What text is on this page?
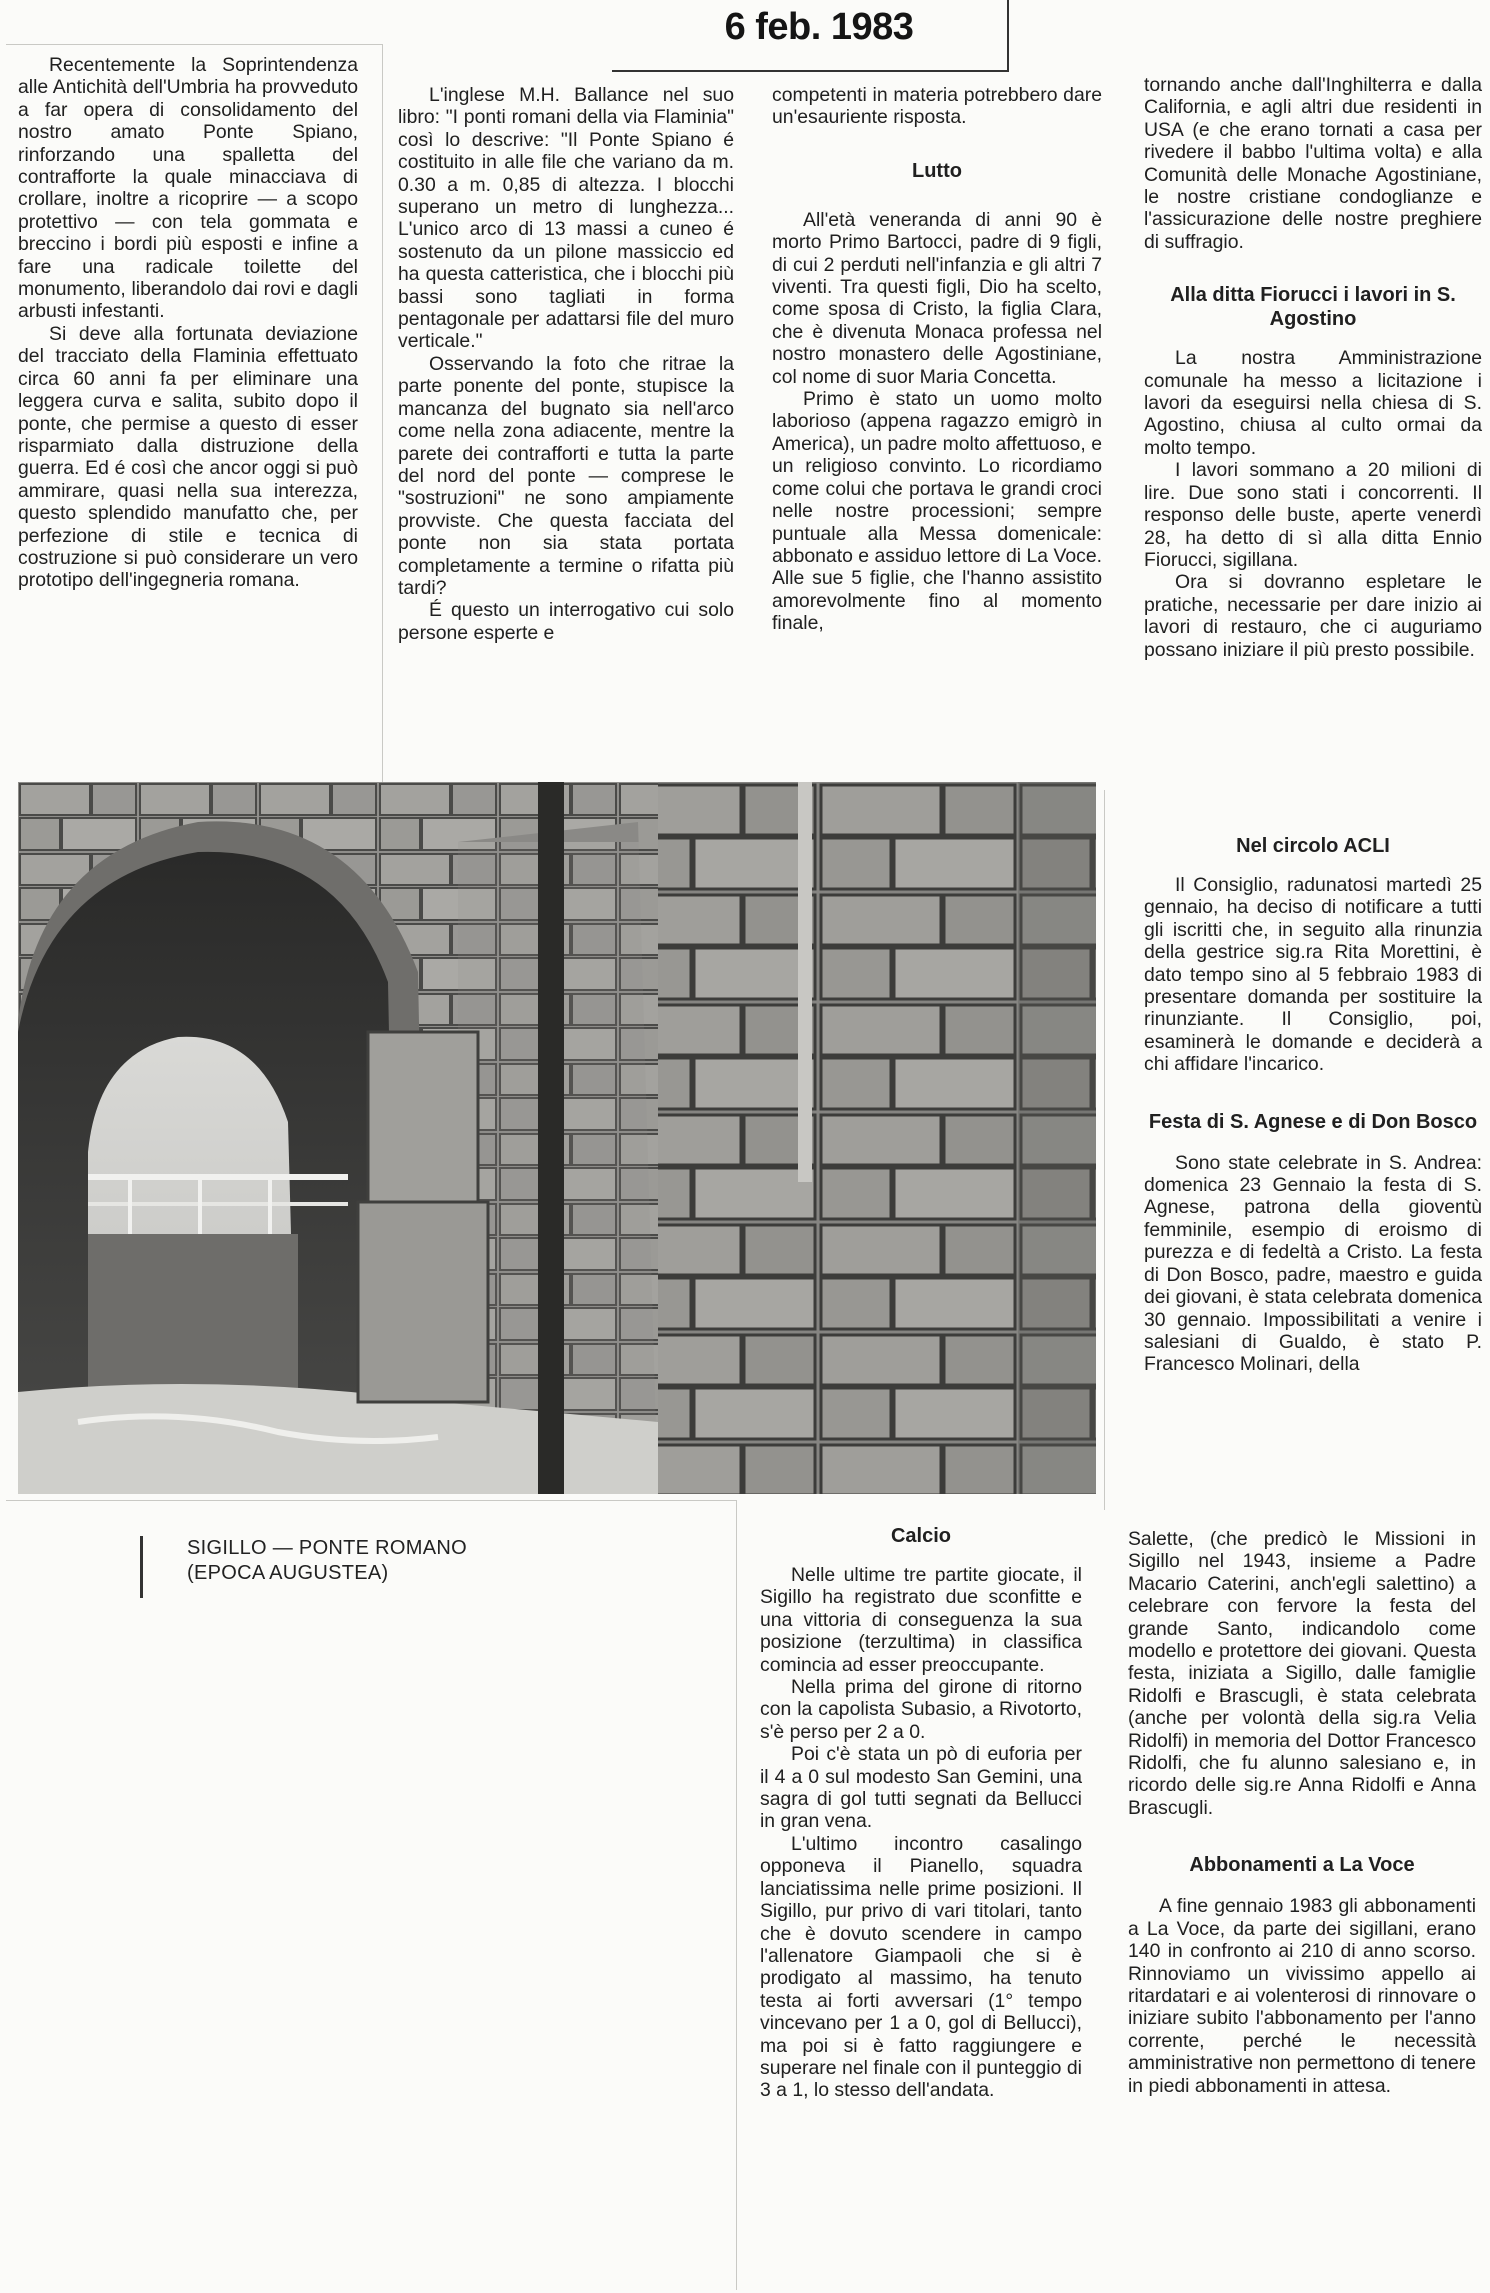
6 feb. 1983

Recentemente la Soprintendenza alle Antichità dell'Umbria ha provveduto a far opera di consolidamento del nostro amato Ponte Spiano, rinforzando una spalletta del contrafforte la quale minacciava di crollare, inoltre a ricoprire — a scopo protettivo — con tela gommata e breccino i bordi più esposti e infine a fare una radicale toilette del monumento, liberandolo dai rovi e dagli arbusti infestanti.

Si deve alla fortunata deviazione del tracciato della Flaminia effettuato circa 60 anni fa per eliminare una leggera curva e salita, subito dopo il ponte, che permise a questo di esser risparmiato dalla distruzione della guerra. Ed é così che ancor oggi si può ammirare, quasi nella sua interezza, questo splendido manufatto che, per perfezione di stile e tecnica di costruzione si può considerare un vero prototipo dell'ingegneria romana.

L'inglese M.H. Ballance nel suo libro: "I ponti romani della via Flaminia" così lo descrive: "Il Ponte Spiano é costituito in alle file che variano da m. 0.30 a m. 0,85 di altezza. I blocchi superano un metro di lunghezza... L'unico arco di 13 massi a cuneo é sostenuto da un pilone massiccio ed ha questa catteristica, che i blocchi più bassi sono tagliati in forma pentagonale per adattarsi file del muro verticale."

Osservando la foto che ritrae la parte ponente del ponte, stupisce la mancanza del bugnato sia nell'arco come nella zona adiacente, mentre la parete dei contrafforti e tutta la parte del nord del ponte — comprese le "sostruzioni" ne sono ampiamente provviste. Che questa facciata del ponte non sia stata portata completamente a termine o rifatta più tardi?

É questo un interrogativo cui solo persone esperte e

competenti in materia potrebbero dare un'esauriente risposta.

Lutto

All'età veneranda di anni 90 è morto Primo Bartocci, padre di 9 figli, di cui 2 perduti nell'infanzia e gli altri 7 viventi. Tra questi figli, Dio ha scelto, come sposa di Cristo, la figlia Clara, che è divenuta Monaca professa nel nostro monastero delle Agostiniane, col nome di suor Maria Concetta.

Primo è stato un uomo molto laborioso (appena ragazzo emigrò in America), un padre molto affettuoso, e un religioso convinto. Lo ricordiamo come colui che portava le grandi croci nelle nostre processioni; sempre puntuale alla Messa domenicale: abbonato e assiduo lettore di La Voce. Alle sue 5 figlie, che l'hanno assistito amorevolmente fino al momento finale,

tornando anche dall'Inghilterra e dalla California, e agli altri due residenti in USA (e che erano tornati a casa per rivedere il babbo l'ultima volta) e alla Comunità delle Monache Agostiniane, le nostre cristiane condoglianze e l'assicurazione delle nostre preghiere di suffragio.

Alla ditta Fiorucci i lavori in S. Agostino

La nostra Amministrazione comunale ha messo a licitazione i lavori da eseguirsi nella chiesa di S. Agostino, chiusa al culto ormai da molto tempo.

I lavori sommano a 20 milioni di lire. Due sono stati i concorrenti. Il responso delle buste, aperte venerdì 28, ha detto di sì alla ditta Ennio Fiorucci, sigillana.

Ora si dovranno espletare le pratiche, necessarie per dare inizio ai lavori di restauro, che ci auguriamo possano iniziare il più presto possibile.

Nel circolo ACLI

Il Consiglio, radunatosi martedì 25 gennaio, ha deciso di notificare a tutti gli iscritti che, in seguito alla rinunzia della gestrice sig.ra Rita Morettini, è dato tempo sino al 5 febbraio 1983 di presentare domanda per sostituire la rinunziante. Il Consiglio, poi, esaminerà le domande e deciderà a chi affidare l'incarico.

Festa di S. Agnese e di Don Bosco

Sono state celebrate in S. Andrea: domenica 23 Gennaio la festa di S. Agnese, patrona della gioventù femminile, esempio di eroismo di purezza e di fedeltà a Cristo. La festa di Don Bosco, padre, maestro e guida dei giovani, è stata celebrata domenica 30 gennaio. Impossibilitati a venire i salesiani di Gualdo, è stato P. Francesco Molinari, della

SIGILLO — PONTE ROMANO
(EPOCA AUGUSTEA)
Calcio

Nelle ultime tre partite giocate, il Sigillo ha registrato due sconfitte e una vittoria di conseguenza la sua posizione (terzultima) in classifica comincia ad esser preoccupante.

Nella prima del girone di ritorno con la capolista Subasio, a Rivotorto, s'è perso per 2 a 0.

Poi c'è stata un pò di euforia per il 4 a 0 sul modesto San Gemini, una sagra di gol tutti segnati da Bellucci in gran vena.

L'ultimo incontro casalingo opponeva il Pianello, squadra lanciatissima nelle prime posizioni. Il Sigillo, pur privo di vari titolari, tanto che è dovuto scendere in campo l'allenatore Giampaoli che si è prodigato al massimo, ha tenuto testa ai forti avversari (1° tempo vincevano per 1 a 0, gol di Bellucci), ma poi si è fatto raggiungere e superare nel finale con il punteggio di 3 a 1, lo stesso dell'andata.

Salette, (che predicò le Missioni in Sigillo nel 1943, insieme a Padre Macario Caterini, anch'egli salettino) a celebrare con fervore la festa del grande Santo, indicandolo come modello e protettore dei giovani. Questa festa, iniziata a Sigillo, dalle famiglie Ridolfi e Brascugli, è stata celebrata (anche per volontà della sig.ra Velia Ridolfi) in memoria del Dottor Francesco Ridolfi, che fu alunno salesiano e, in ricordo delle sig.re Anna Ridolfi e Anna Brascugli.

Abbonamenti a La Voce

A fine gennaio 1983 gli abbonamenti a La Voce, da parte dei sigillani, erano 140 in confronto ai 210 di anno scorso. Rinnoviamo un vivissimo appello ai ritardatari e ai volenterosi di rinnovare o iniziare subito l'abbonamento per l'anno corrente, perché le necessità amministrative non permettono di tenere in piedi abbonamenti in attesa.
